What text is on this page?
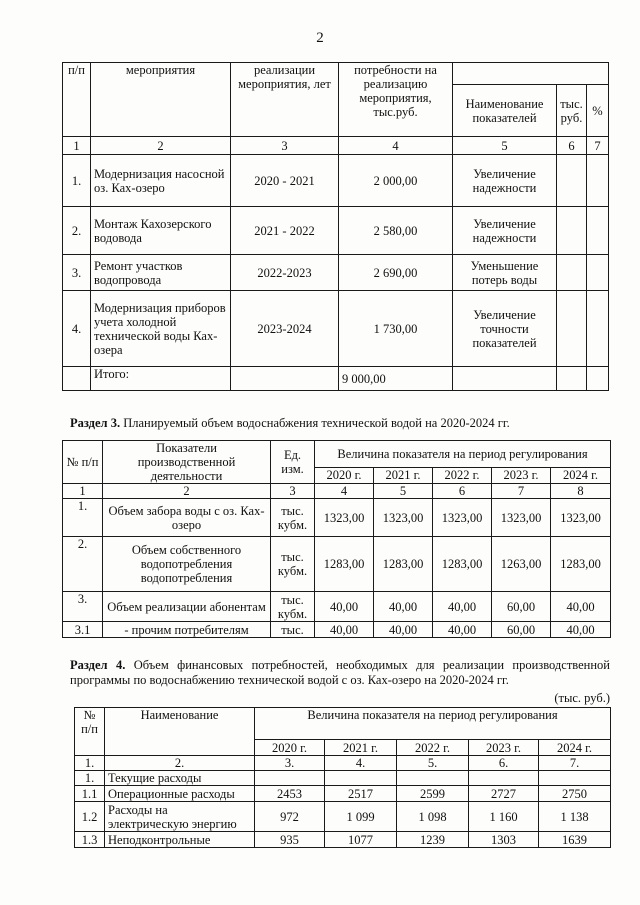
2
п/п	мероприятия	реализации мероприятия, лет	потребности на реализацию мероприятия, тыс.руб.			
				Наименование показателей	тыс. руб.	%
1	2	3	4	5	6	7
1.	Модернизация насосной оз. Ках-озеро	2020 - 2021	2 000,00	Увеличение надежности		
2.	Монтаж Кахозерского водовода	2021 - 2022	2 580,00	Увеличение надежности		
3.	Ремонт участков водопровода	2022-2023	2 690,00	Уменьшение потерь воды		
4.	Модернизация приборов учета холодной технической воды Ках-озера	2023-2024	1 730,00	Увеличение точности показателей		
	Итого:		9 000,00			
Раздел 3. Планируемый объем водоснабжения технической водой на 2020-2024 гг.
№ п/п	Показатели производственной деятельности	Ед. изм.	Величина показателя на период регулирования				
			2020 г.	2021 г.	2022 г.	2023 г.	2024 г.
1	2	3	4	5	6	7	8
1.	Объем забора воды с оз. Ках-озеро	тыс. кубм.	1323,00	1323,00	1323,00	1323,00	1323,00
2.	Объем собственного водопотребления водопотребления	тыс. кубм.	1283,00	1283,00	1283,00	1263,00	1283,00
3.	Объем реализации абонентам	тыс. кубм.	40,00	40,00	40,00	60,00	40,00
3.1	- прочим потребителям	тыс.	40,00	40,00	40,00	60,00	40,00
Раздел 4. Объем финансовых потребностей, необходимых для реализации производственной программы по водоснабжению технической водой с оз. Ках-озеро на 2020-2024 гг.
(тыс. руб.)
№ п/п	Наименование	Величина показателя на период регулирования				
		2020 г.	2021 г.	2022 г.	2023 г.	2024 г.
1.	2.	3.	4.	5.	6.	7.
1.	Текущие расходы					
1.1	Операционные расходы	2453	2517	2599	2727	2750
1.2	Расходы на электрическую энергию	972	1 099	1 098	1 160	1 138
1.3	Неподконтрольные	935	1077	1239	1303	1639
